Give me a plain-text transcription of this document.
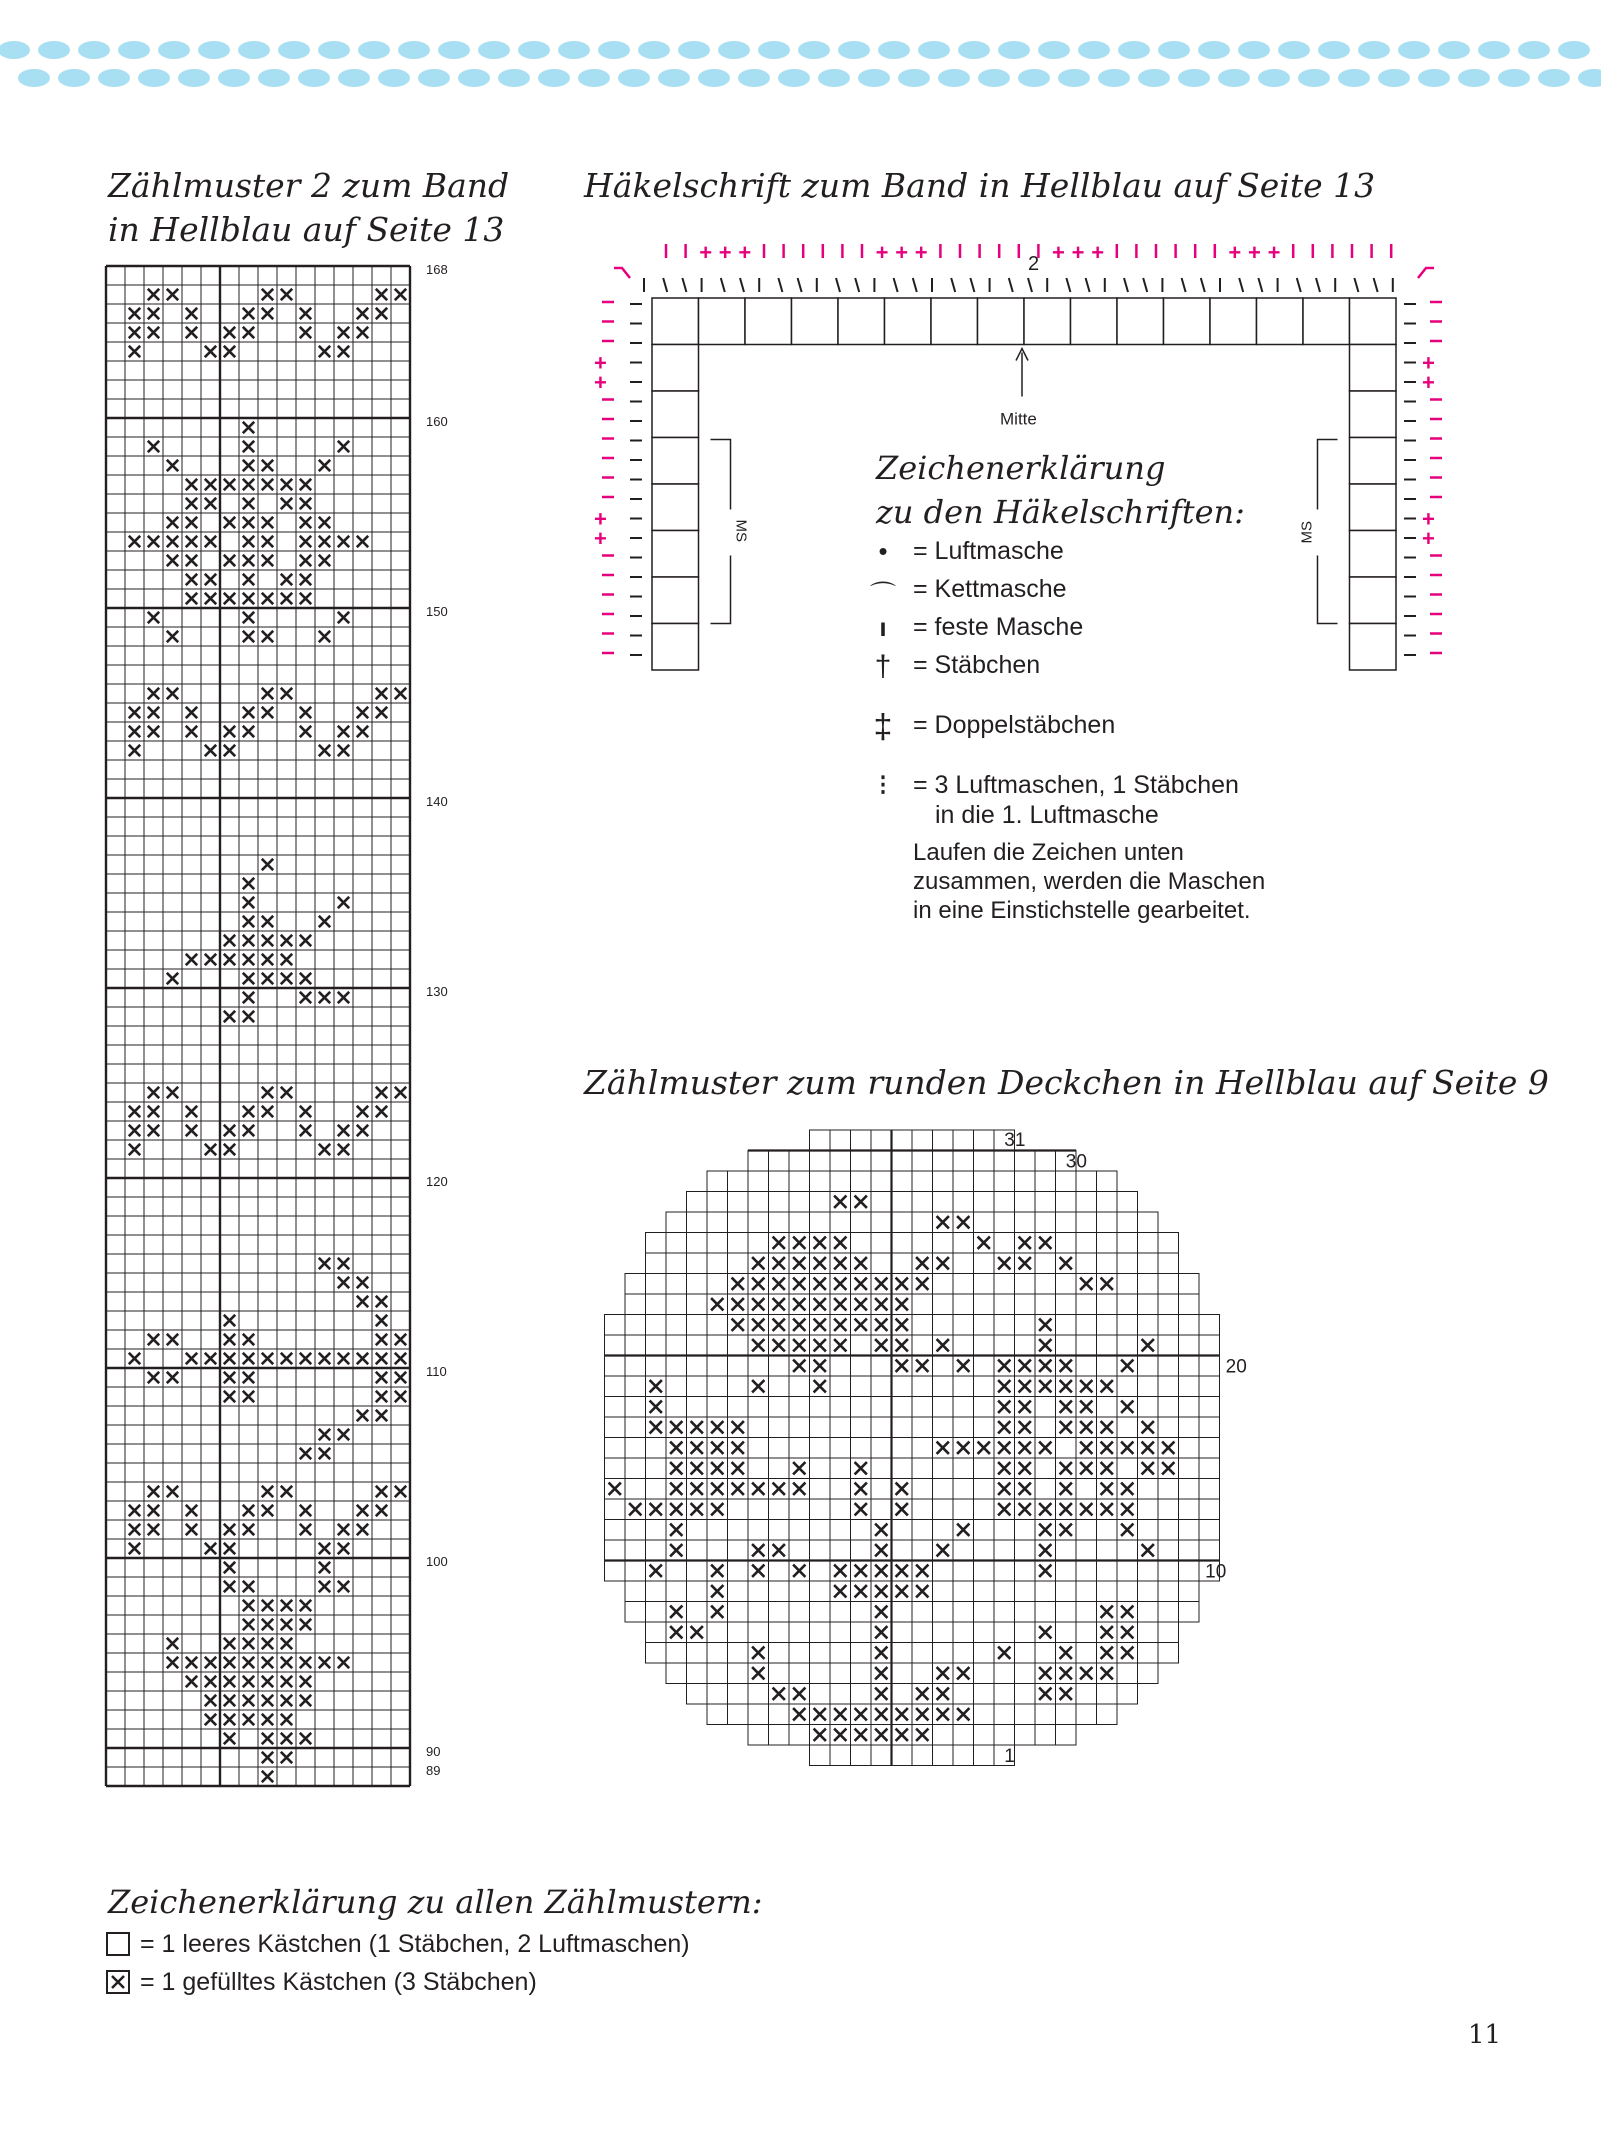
Zählmuster 2 zum Band
in Hellblau auf Seite 13
168
160
150
140
130
120
110
100
90
89
Häkelschrift zum Band in Hellblau auf Seite 13
+ + +	+ + +	+ + +	+ + +
+
+
+
+
+
+
+
+
2
Mitte
MS	MS
Zeichenerklärung
zu den Häkelschriften:
•	= Luftmasche
⌒ = Kettmasche
ı	= feste Masche
† = Stäbchen
‡ = Doppelstäbchen
⁝	= 3 Luftmaschen, 1 Stäbchen
in die 1. Luftmasche
Laufen die Zeichen unten
zusammen, werden die Maschen
in eine Einstichstelle gearbeitet.
Zählmuster zum runden Deckchen in Hellblau auf Seite 9
31
30
20
10
1
Zeichenerklärung zu allen Zählmustern:
= 1 leeres Kästchen (1 Stäbchen, 2 Luftmaschen)
= 1 gefülltes Kästchen (3 Stäbchen)
11
